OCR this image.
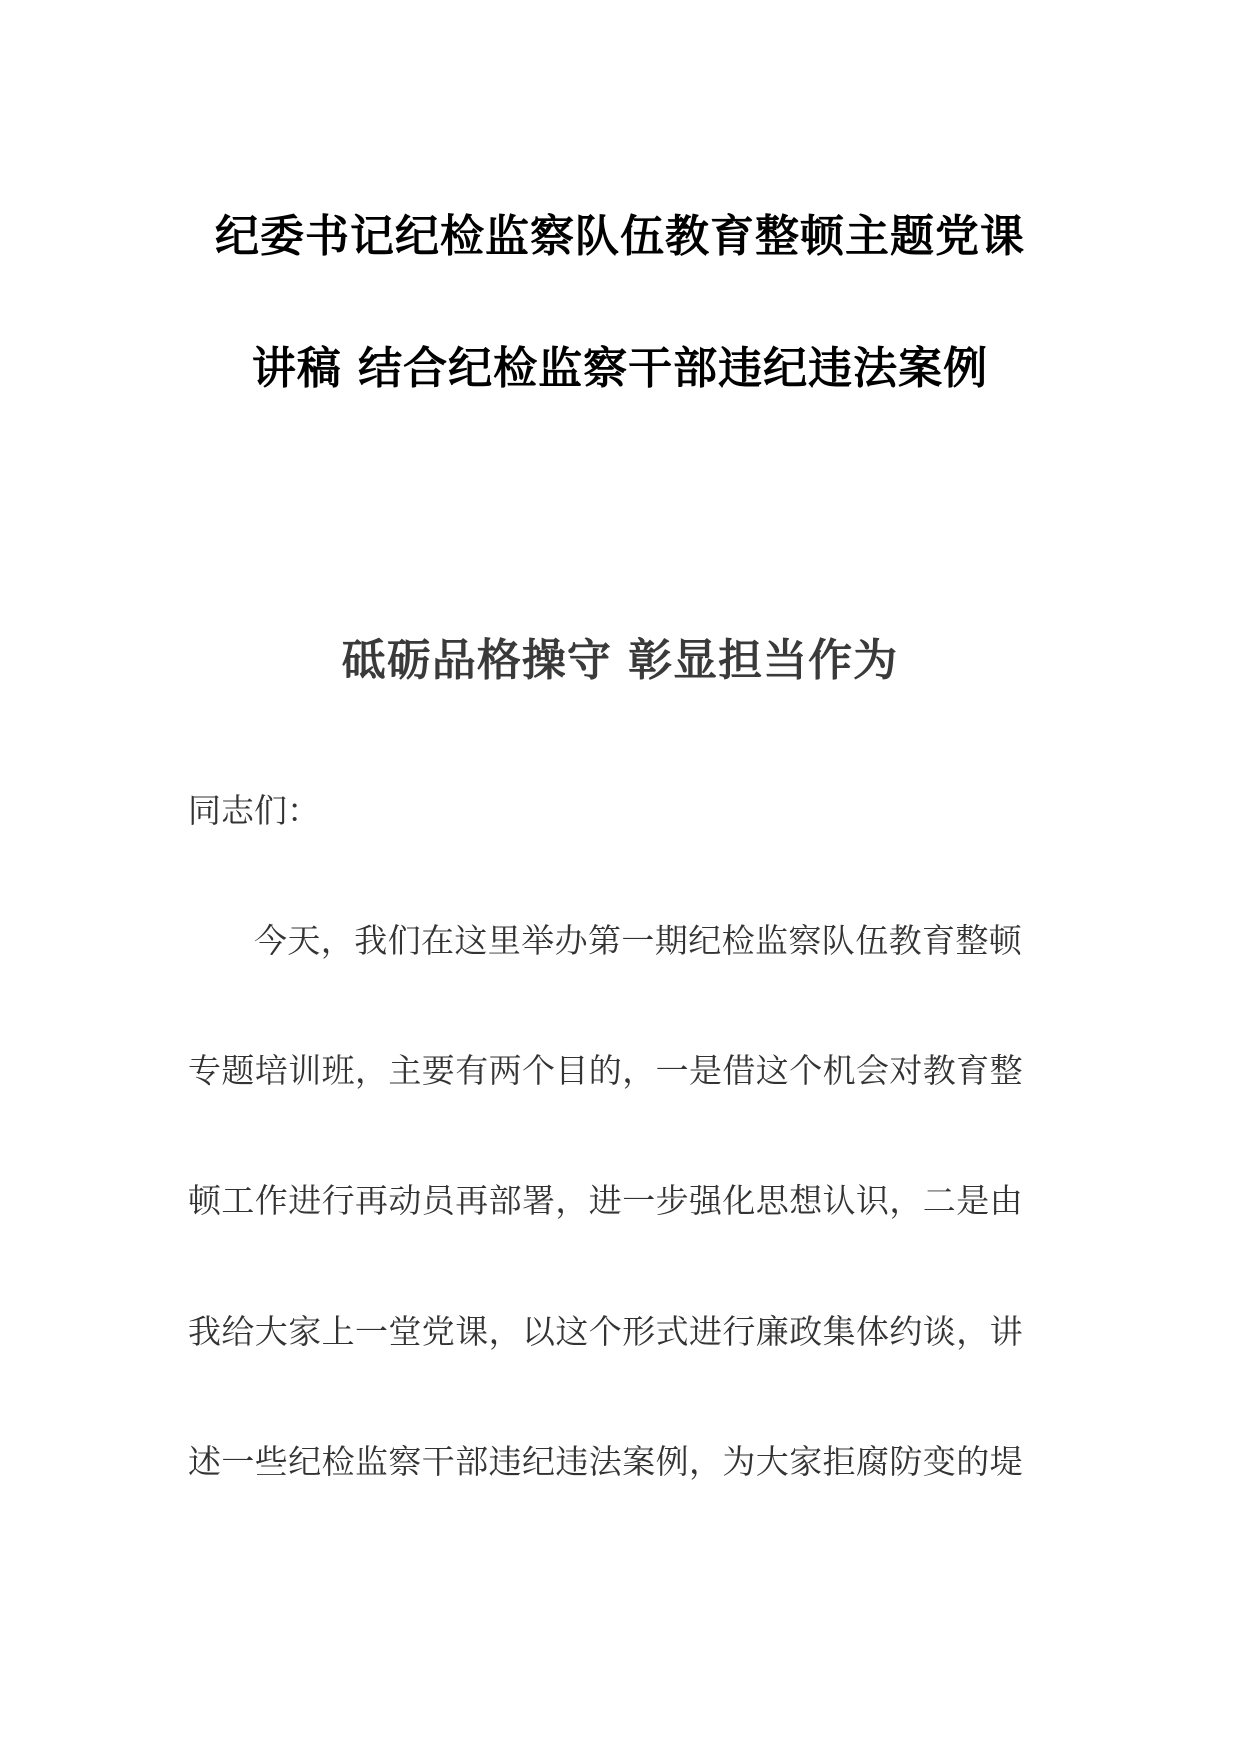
纪委书记纪检监察队伍教育整顿主题党课
讲稿 结合纪检监察干部违纪违法案例
砥砺品格操守 彰显担当作为
同志们：
今天，我们在这里举办第一期纪检监察队伍教育整顿
专题培训班，主要有两个目的，一是借这个机会对教育整
顿工作进行再动员再部署，进一步强化思想认识，二是由
我给大家上一堂党课，以这个形式进行廉政集体约谈，讲
述一些纪检监察干部违纪违法案例，为大家拒腐防变的堤
